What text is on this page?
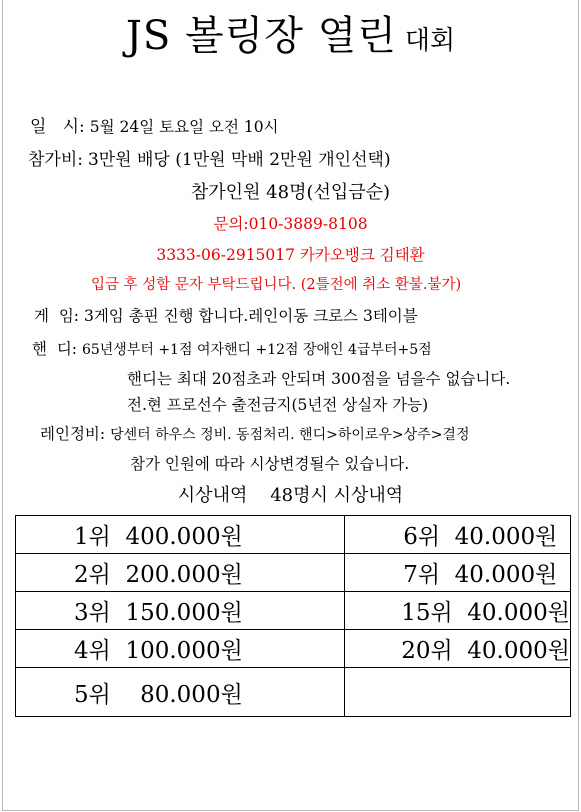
JS 볼링장 열린 대회
일   시: 5월 24일 토요일 오전 10시
참가비: 3만원 배당 (1만원 막배 2만원 개인선택)
참가인원 48명(선입금순)
문의:010-3889-8108
3333-06-2915017 카카오뱅크 김태환
입금 후 성함 문자 부탁드립니다. (2틀전에 취소 환불.불가)
게  임: 3게임 총핀 진행 합니다.레인이동 크로스 3테이블
핸  디: 65년생부터 +1점 여자핸디 +12점 장애인 4급부터+5점
핸디는 최대 20점초과 안되며 300점을 넘을수 없습니다.
전.현 프로선수 출전금지(5년전 상실자 가능)
레인정비: 당센터 하우스 정비. 동점처리. 핸디>하이로우>상주>결정
참가 인원에 따라 시상변경될수 있습니다.
시상내역    48명시 시상내역
1위  400.000원	6위  40.000원
2위  200.000원	7위  40.000원
3위  150.000원	15위  40.000원
4위  100.000원	20위  40.000원
5위    80.000원	
